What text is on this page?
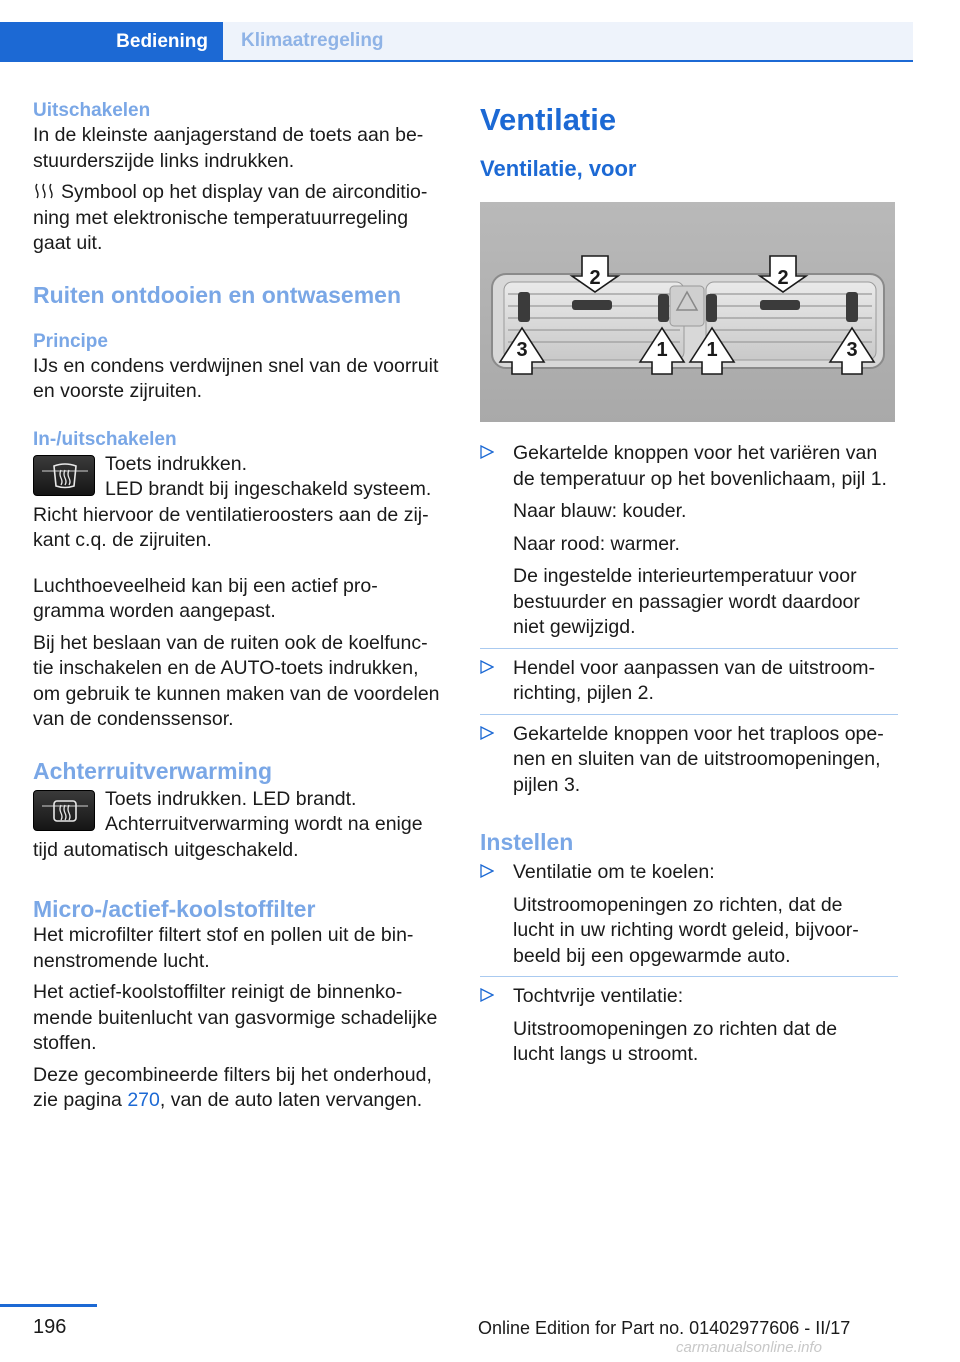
Bediening	Klimaatregeling
Uitschakelen

In de kleinste aanjagerstand de toets aan be‐

stuurderszijde links indrukken.

Symbool op het display van de airconditio‐

ning met elektronische temperatuurregeling

gaat uit.

Ruiten ontdooien en ontwasemen
Principe

IJs en condens verdwijnen snel van de voorruit

en voorste zijruiten.

In-/uitschakelen

Toets indrukken.

LED brandt bij ingeschakeld systeem.

Richt hiervoor de ventilatieroosters aan de zij‐

kant c.q. de zijruiten.

Luchthoeveelheid kan bij een actief pro‐

gramma worden aangepast.

Bij het beslaan van de ruiten ook de koelfunc‐

tie inschakelen en de AUTO-toets indrukken,

om gebruik te kunnen maken van de voordelen

van de condenssensor.

Achterruitverwarming

Toets indrukken. LED brandt.

Achterruitverwarming wordt na enige

tijd automatisch uitgeschakeld.

Micro-/actief-koolstoffilter

Het microfilter filtert stof en pollen uit de bin‐

nenstromende lucht.

Het actief-koolstoffilter reinigt de binnenko‐

mende buitenlucht van gasvormige schadelijke

stoffen.

Deze gecombineerde filters bij het onderhoud,

zie pagina 270, van de auto laten vervangen.

Ventilatie
Ventilatie, voor
2	2
3	1 1	3

Gekartelde knoppen voor het variëren van

de temperatuur op het bovenlichaam, pijl 1.

Naar blauw: kouder.

Naar rood: warmer.

De ingestelde interieurtemperatuur voor

bestuurder en passagier wordt daardoor

niet gewijzigd.

Hendel voor aanpassen van de uitstroom‐

richting, pijlen 2.

Gekartelde knoppen voor het traploos ope‐

nen en sluiten van de uitstroomopeningen,

pijlen 3.

Instellen

Ventilatie om te koelen:

Uitstroomopeningen zo richten, dat de

lucht in uw richting wordt geleid, bijvoor‐

beeld bij een opgewarmde auto.

Tochtvrije ventilatie:

Uitstroomopeningen zo richten dat de

lucht langs u stroomt.

196	Online Edition for Part no. 01402977606 - II/17
carmanualsonline.info
